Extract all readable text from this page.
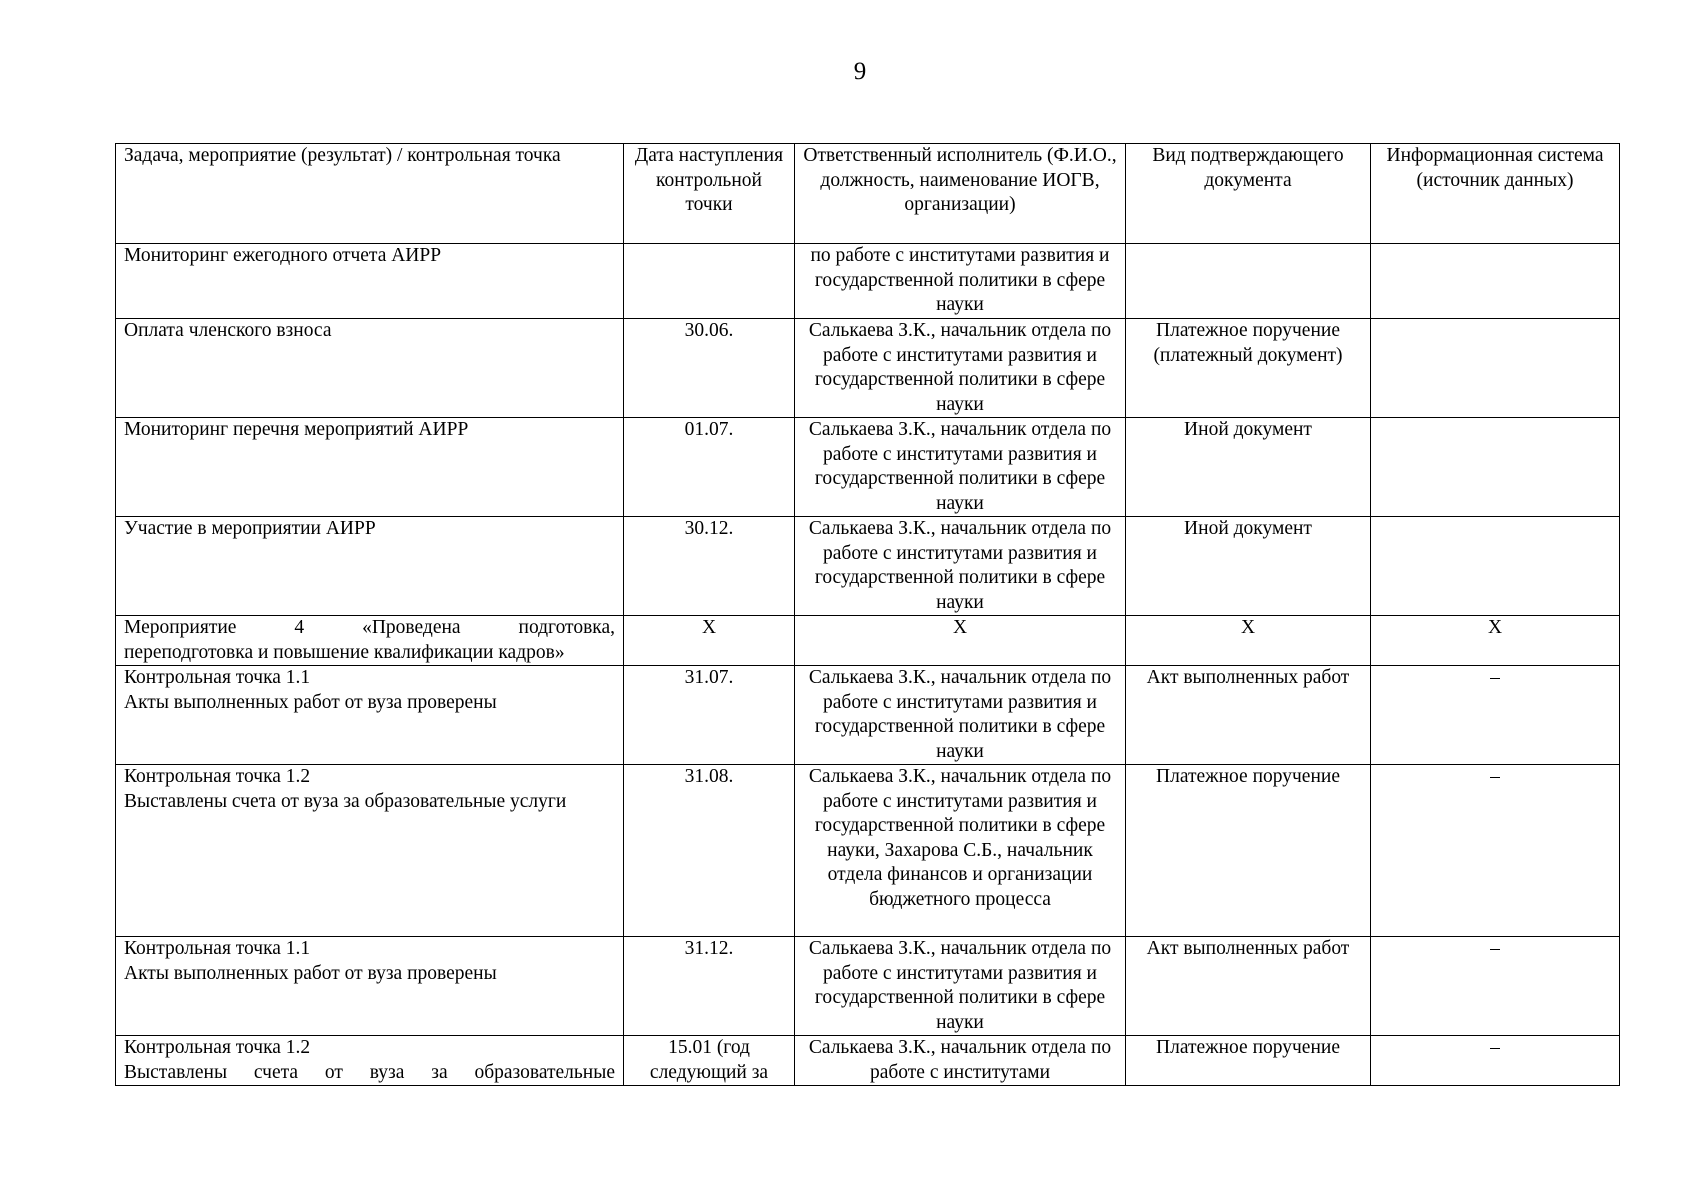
9
Задача, мероприятие (результат) / контрольная точка	Дата наступления контрольной точки	Ответственный исполнитель (Ф.И.О., должность, наименование ИОГВ, организации)	Вид подтверждающего документа	Информационная система (источник данных)
Мониторинг ежегодного отчета АИРР		по работе с институтами развития и государственной политики в сфере науки		
Оплата членского взноса	30.06.	Салькаева З.К., начальник отдела по работе с институтами развития и государственной политики в сфере науки	Платежное поручение (платежный документ)	
Мониторинг перечня мероприятий АИРР	01.07.	Салькаева З.К., начальник отдела по работе с институтами развития и государственной политики в сфере науки	Иной документ	
Участие в мероприятии АИРР	30.12.	Салькаева З.К., начальник отдела по работе с институтами развития и государственной политики в сфере науки	Иной документ	

Мероприятие 4 «Проведена подготовка,
переподготовка и повышение квалификации кадров»	X	X	X	X

Контрольная точка 1.1
Акты выполненных работ от вуза проверены	31.07.	Салькаева З.К., начальник отдела по работе с институтами развития и государственной политики в сфере науки	Акт выполненных работ	–

Контрольная точка 1.2
Выставлены счета от вуза за образовательные услуги	31.08.	Салькаева З.К., начальник отдела по работе с институтами развития и государственной политики в сфере науки, Захарова С.Б., начальник отдела финансов и организации бюджетного процесса	Платежное поручение	–

Контрольная точка 1.1
Акты выполненных работ от вуза проверены	31.12.	Салькаева З.К., начальник отдела по работе с институтами развития и государственной политики в сфере науки	Акт выполненных работ	–

Контрольная точка 1.2
Выставлены счета от вуза за образовательные	15.01 (год следующий за	Салькаева З.К., начальник отдела по работе с институтами	Платежное поручение	–
